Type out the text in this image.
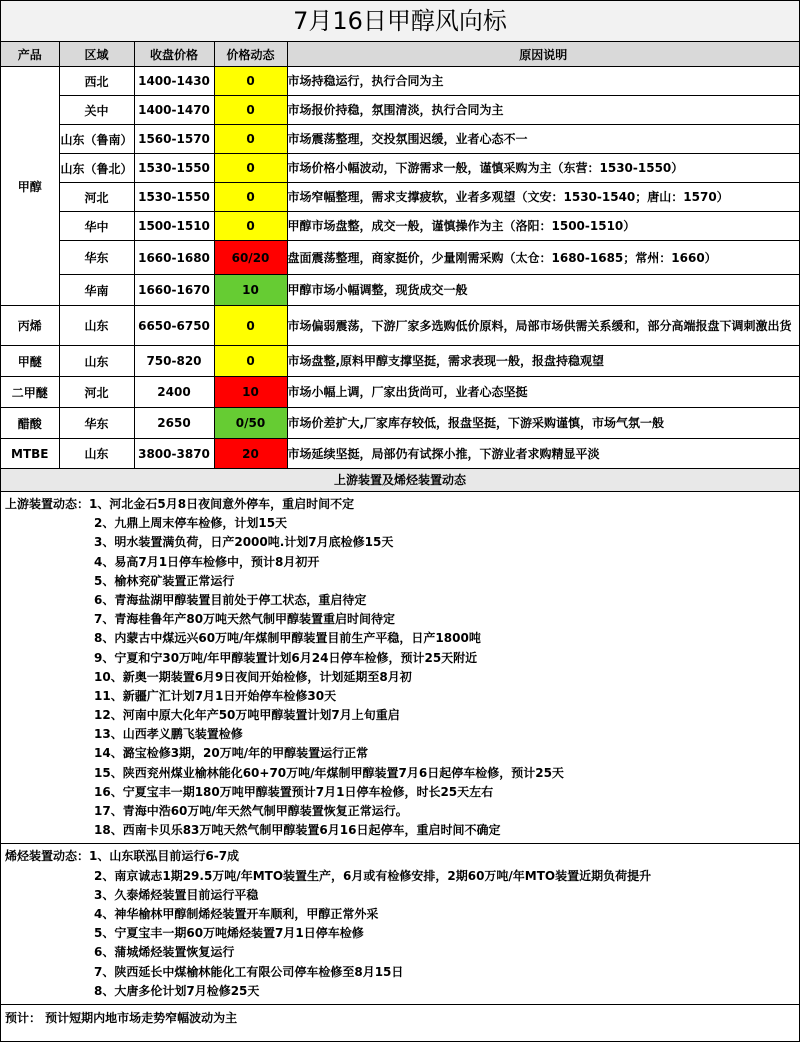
7月16日甲醇风向标
产品	区域	收盘价格	价格动态	原因说明
甲醇	西北	1400-1430	0	市场持稳运行，执行合同为主
	关中	1400-1470	0	市场报价持稳，氛围清淡，执行合同为主
	山东（鲁南）	1560-1570	0	市场震荡整理，交投氛围迟缓，业者心态不一
	山东（鲁北）	1530-1550	0	市场价格小幅波动，下游需求一般，谨慎采购为主（东营：1530-1550）
	河北	1530-1550	0	市场窄幅整理，需求支撑疲软，业者多观望（文安：1530-1540；唐山：1570）
	华中	1500-1510	0	甲醇市场盘整，成交一般，谨慎操作为主（洛阳：1500-1510）
	华东	1660-1680	60/20	盘面震荡整理，商家挺价，少量刚需采购（太仓：1680-1685；常州：1660）
	华南	1660-1670	10	甲醇市场小幅调整，现货成交一般
丙烯	山东	6650-6750	0	市场偏弱震荡，下游厂家多选购低价原料，局部市场供需关系缓和，部分高端报盘下调刺激出货
甲醚	山东	750-820	0	市场盘整,原料甲醇支撑坚挺，需求表现一般，报盘持稳观望
二甲醚	河北	2400	10	市场小幅上调，厂家出货尚可，业者心态坚挺
醋酸	华东	2650	0/50	市场价差扩大,厂家库存较低，报盘坚挺，下游采购谨慎，市场气氛一般
MTBE	山东	3800-3870	20	市场延续坚挺，局部仍有试探小推，下游业者求购精显平淡
上游装置及烯烃装置动态
上游装置动态：1、河北金石5月8日夜间意外停车，重启时间不定
2、九鼎上周末停车检修，计划15天
3、明水装置满负荷，日产2000吨.计划7月底检修15天
4、易高7月1日停车检修中，预计8月初开
5、榆林兖矿装置正常运行
6、青海盐湖甲醇装置目前处于停工状态，重启待定
7、青海桂鲁年产80万吨天然气制甲醇装置重启时间待定
8、内蒙古中煤远兴60万吨/年煤制甲醇装置目前生产平稳，日产1800吨
9、宁夏和宁30万吨/年甲醇装置计划6月24日停车检修，预计25天附近
10、新奥一期装置6月9日夜间开始检修，计划延期至8月初
11、新疆广汇计划7月1日开始停车检修30天
12、河南中原大化年产50万吨甲醇装置计划7月上旬重启
13、山西孝义鹏飞装置检修
14、潞宝检修3期，20万吨/年的甲醇装置运行正常
15、陕西兖州煤业榆林能化60+70万吨/年煤制甲醇装置7月6日起停车检修，预计25天
16、宁夏宝丰一期180万吨甲醇装置预计7月1日停车检修，时长25天左右
17、青海中浩60万吨/年天然气制甲醇装置恢复正常运行。
18、西南卡贝乐83万吨天然气制甲醇装置6月16日起停车，重启时间不确定
烯烃装置动态：1、山东联泓目前运行6-7成
2、南京诚志1期29.5万吨/年MTO装置生产，6月或有检修安排，2期60万吨/年MTO装置近期负荷提升
3、久泰烯烃装置目前运行平稳
4、神华榆林甲醇制烯烃装置开车顺利，甲醇正常外采
5、宁夏宝丰一期60万吨烯烃装置7月1日停车检修
6、蒲城烯烃装置恢复运行
7、陕西延长中煤榆林能化工有限公司停车检修至8月15日
8、大唐多伦计划7月检修25天
预计： 预计短期内地市场走势窄幅波动为主
